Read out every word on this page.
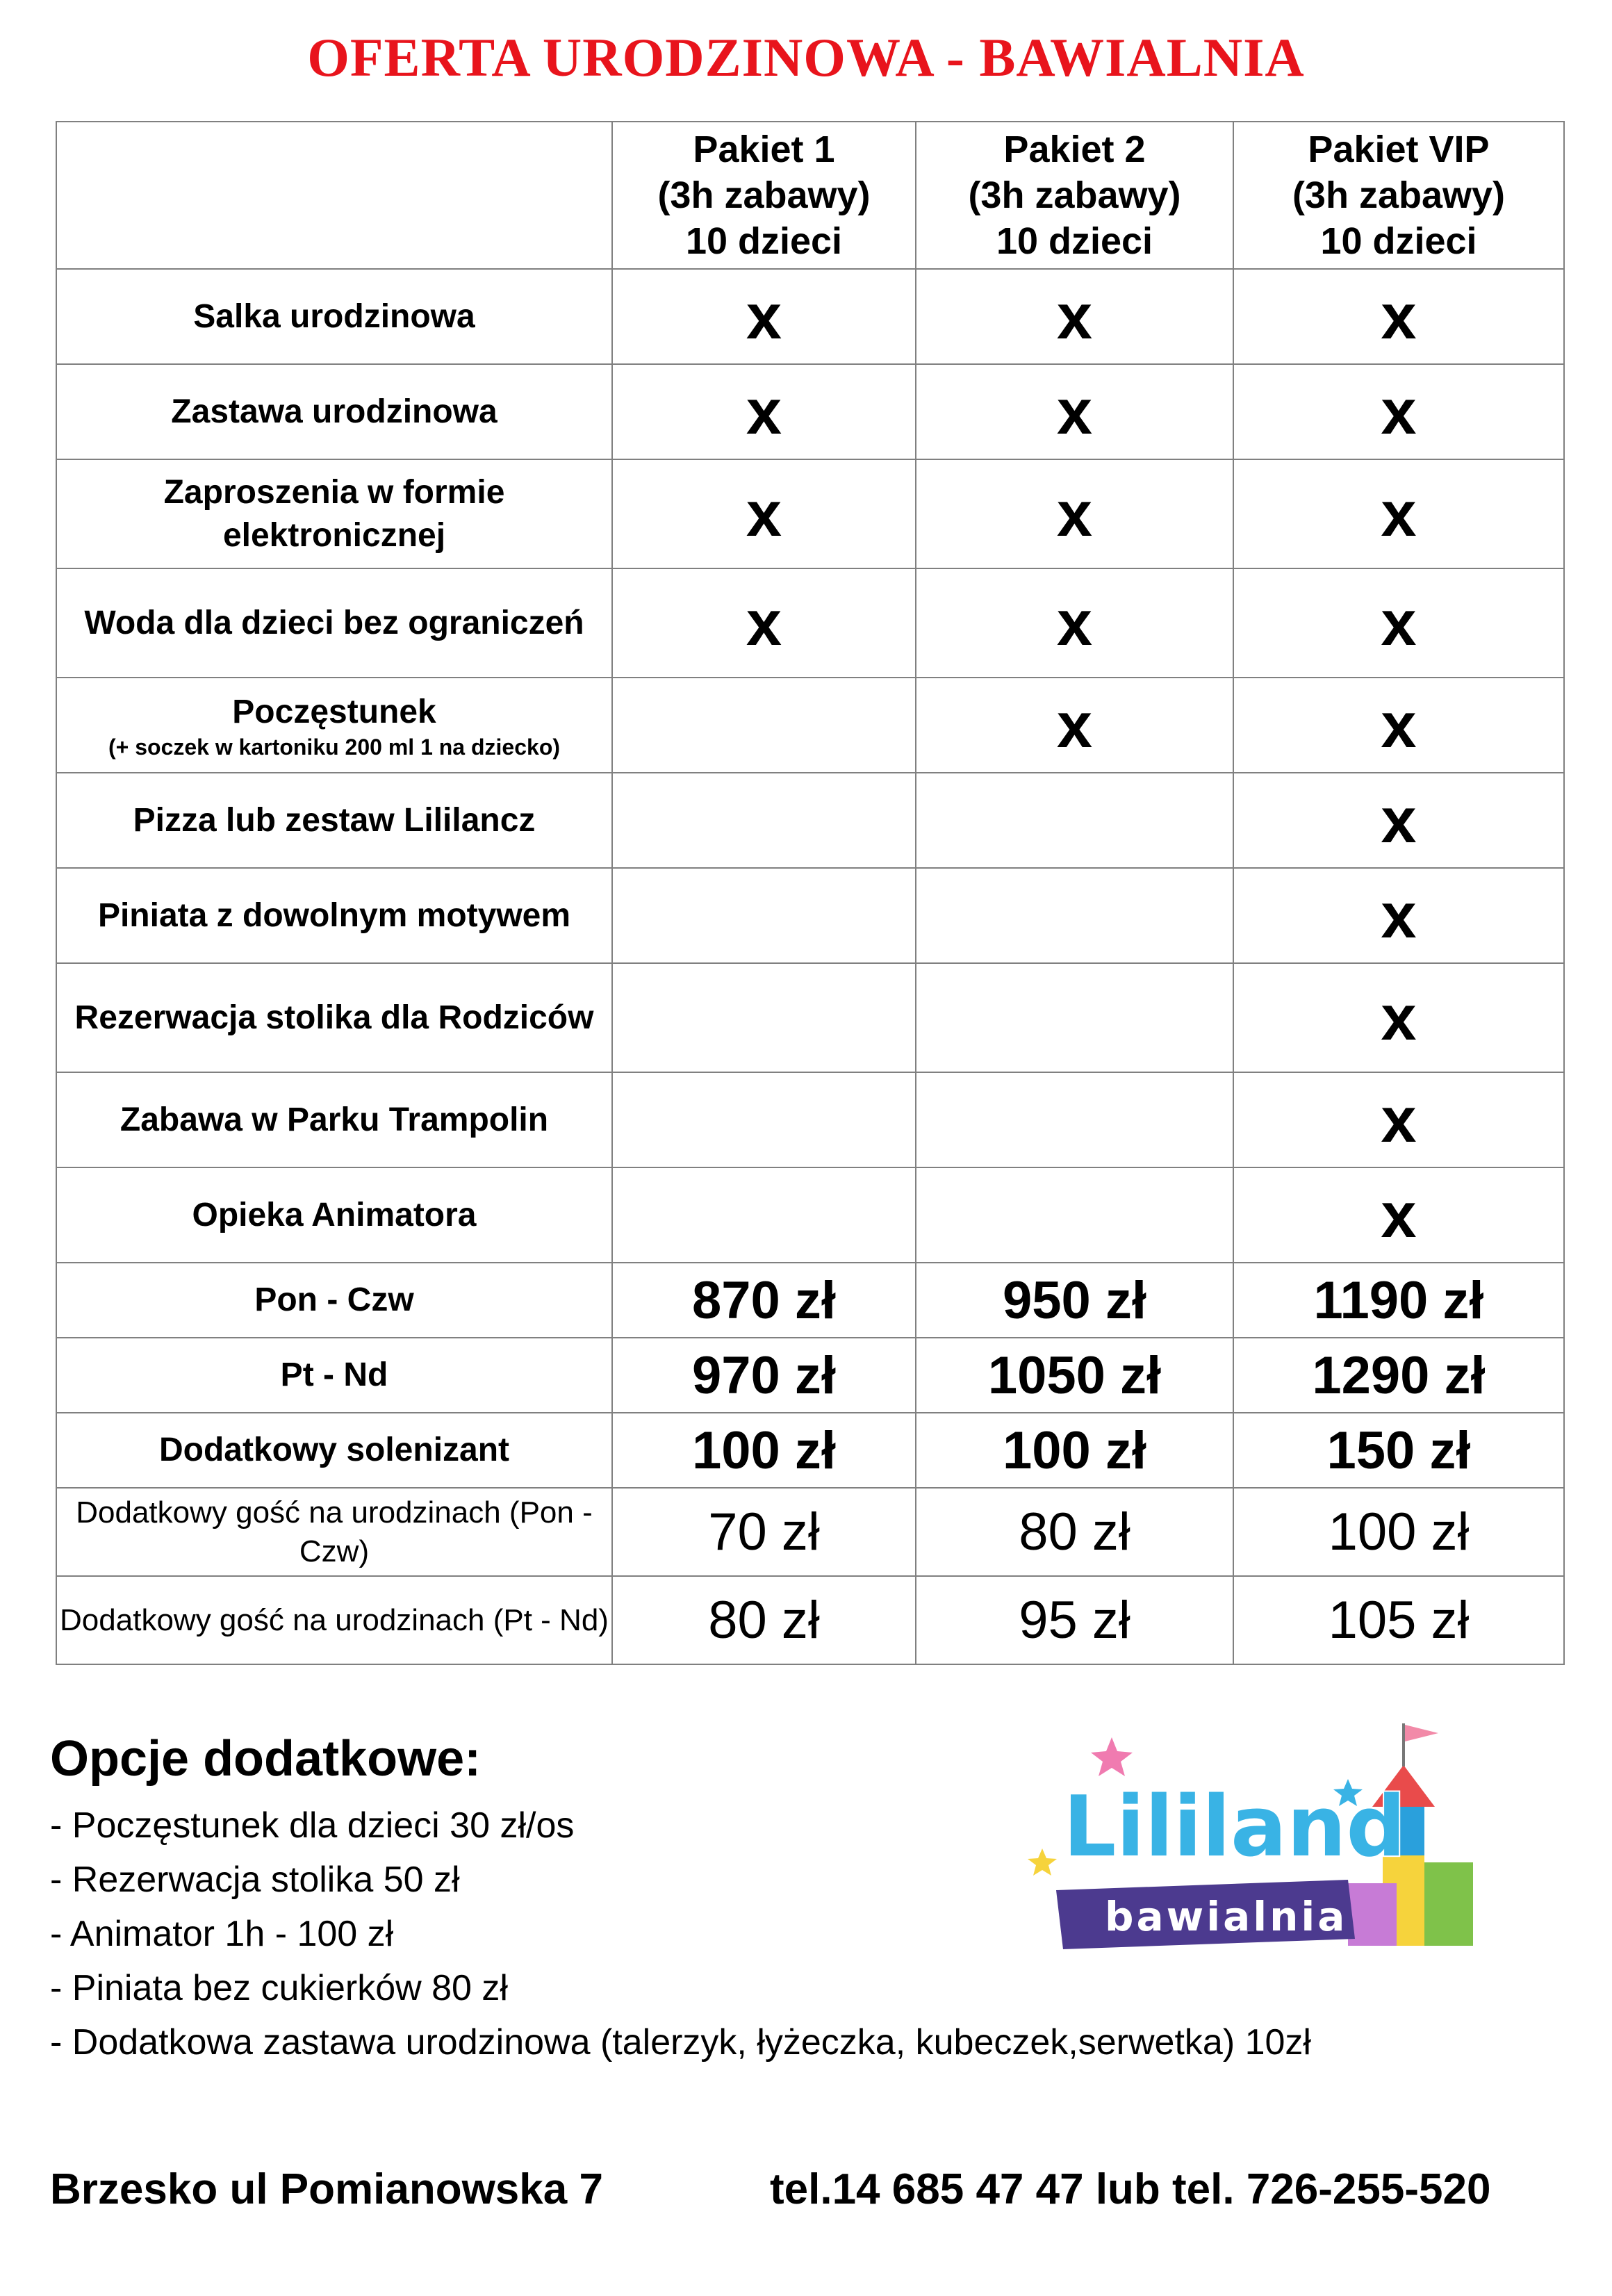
OFERTA URODZINOWA - BAWIALNIA
	Pakiet 1
(3h zabawy)
10 dzieci	Pakiet 2
(3h zabawy)
10 dzieci	Pakiet VIP
(3h zabawy)
10 dzieci
Salka urodzinowa	x	x	x
Zastawa urodzinowa	x	x	x
Zaproszenia w formie elektronicznej	x	x	x
Woda dla dzieci bez ograniczeń	x	x	x
Poczęstunek
(+ soczek w kartoniku 200 ml 1 na dziecko)		x	x
Pizza lub zestaw Lililancz			x
Piniata z dowolnym motywem			x
Rezerwacja stolika dla Rodziców			x
Zabawa w Parku Trampolin			x
Opieka Animatora			x
Pon - Czw	870 zł	950 zł	1190 zł
Pt - Nd	970 zł	1050 zł	1290 zł
Dodatkowy solenizant	100 zł	100 zł	150 zł
Dodatkowy gość na urodzinach (Pon - Czw)	70 zł	80 zł	100 zł
Dodatkowy gość na urodzinach (Pt - Nd)	80 zł	95 zł	105 zł
Opcje dodatkowe:
- Poczęstunek dla dzieci 30 zł/os
- Rezerwacja stolika 50 zł
- Animator 1h - 100 zł
- Piniata bez cukierków 80 zł
- Dodatkowa zastawa urodzinowa (talerzyk, łyżeczka, kubeczek,serwetka) 10zł
Lililand
bawialnia
Brzesko ul Pomianowska 7	tel.14 685 47 47 lub tel. 726-255-520
